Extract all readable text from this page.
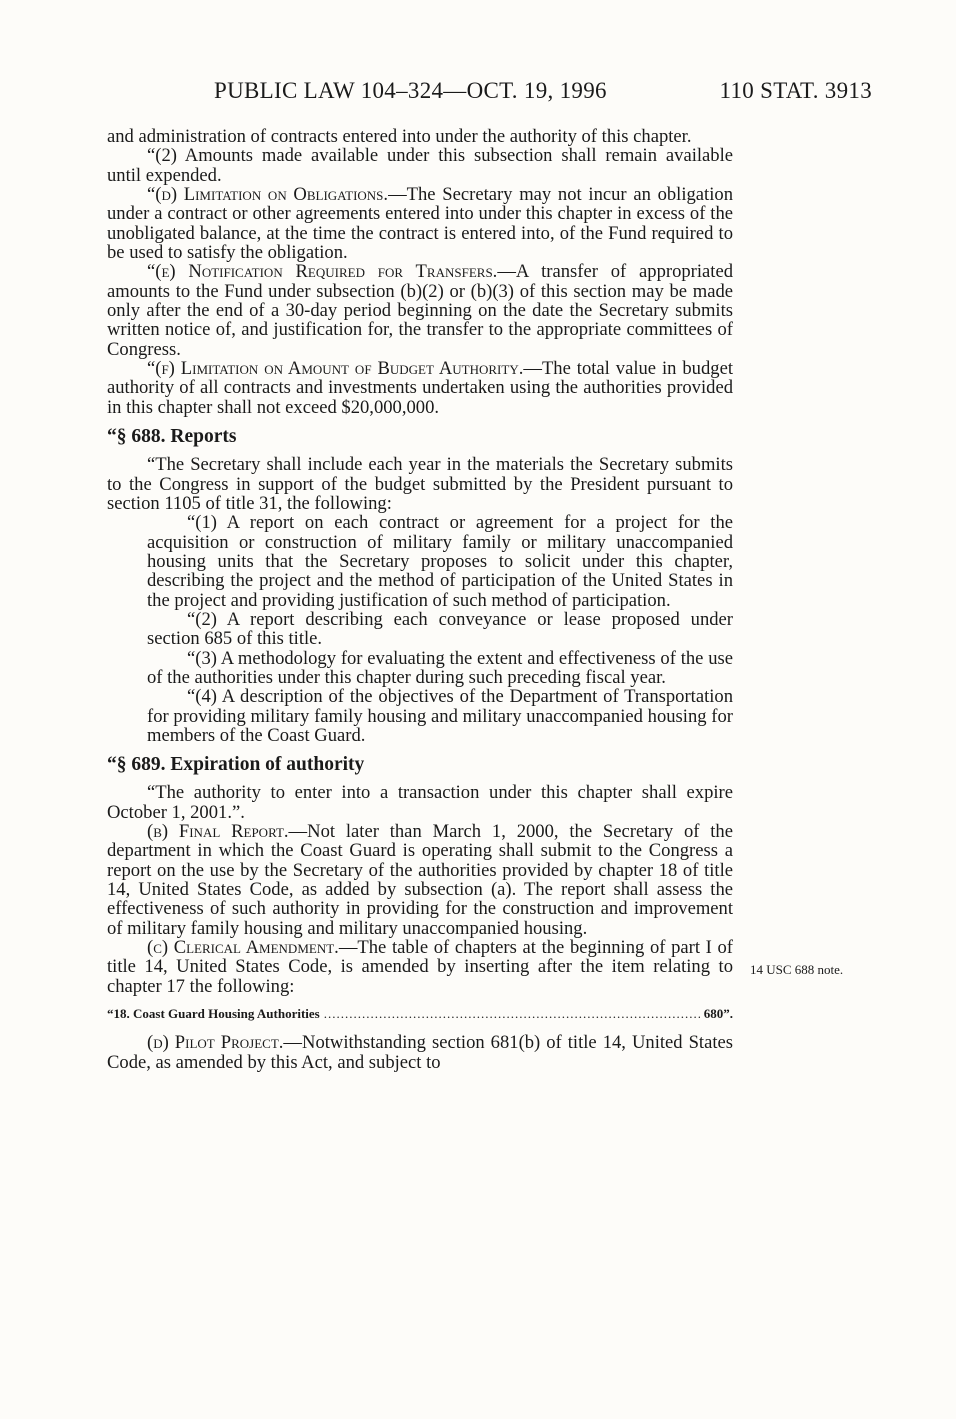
PUBLIC LAW 104–324—OCT. 19, 1996	110 STAT. 3913
14 USC 688 note.

and administration of contracts entered into under the authority of this chapter.

“(2) Amounts made available under this subsection shall remain available until expended.

“(d) Limitation on Obligations.—The Secretary may not incur an obligation under a contract or other agreements entered into under this chapter in excess of the unobligated balance, at the time the contract is entered into, of the Fund required to be used to satisfy the obligation.

“(e) Notification Required for Transfers.—A transfer of appropriated amounts to the Fund under subsection (b)(2) or (b)(3) of this section may be made only after the end of a 30-day period beginning on the date the Secretary submits written notice of, and justification for, the transfer to the appropriate committees of Congress.

“(f) Limitation on Amount of Budget Authority.—The total value in budget authority of all contracts and investments undertaken using the authorities provided in this chapter shall not exceed $20,000,000.

“§ 688. Reports

“The Secretary shall include each year in the materials the Secretary submits to the Congress in support of the budget submitted by the President pursuant to section 1105 of title 31, the following:

“(1) A report on each contract or agreement for a project for the acquisition or construction of military family or military unaccompanied housing units that the Secretary proposes to solicit under this chapter, describing the project and the method of participation of the United States in the project and providing justification of such method of participation.

“(2) A report describing each conveyance or lease proposed under section 685 of this title.

“(3) A methodology for evaluating the extent and effectiveness of the use of the authorities under this chapter during such preceding fiscal year.

“(4) A description of the objectives of the Department of Transportation for providing military family housing and military unaccompanied housing for members of the Coast Guard.

“§ 689. Expiration of authority

“The authority to enter into a transaction under this chapter shall expire October 1, 2001.”.

(b) Final Report.—Not later than March 1, 2000, the Secretary of the department in which the Coast Guard is operating shall submit to the Congress a report on the use by the Secretary of the authorities provided by chapter 18 of title 14, United States Code, as added by subsection (a). The report shall assess the effectiveness of such authority in providing for the construction and improvement of military family housing and military unaccompanied housing.

(c) Clerical Amendment.—The table of chapters at the beginning of part I of title 14, United States Code, is amended by inserting after the item relating to chapter 17 the following:

“18. Coast Guard Housing Authorities
.....	680”.

(d) Pilot Project.—Notwithstanding section 681(b) of title 14, United States Code, as amended by this Act, and subject to
